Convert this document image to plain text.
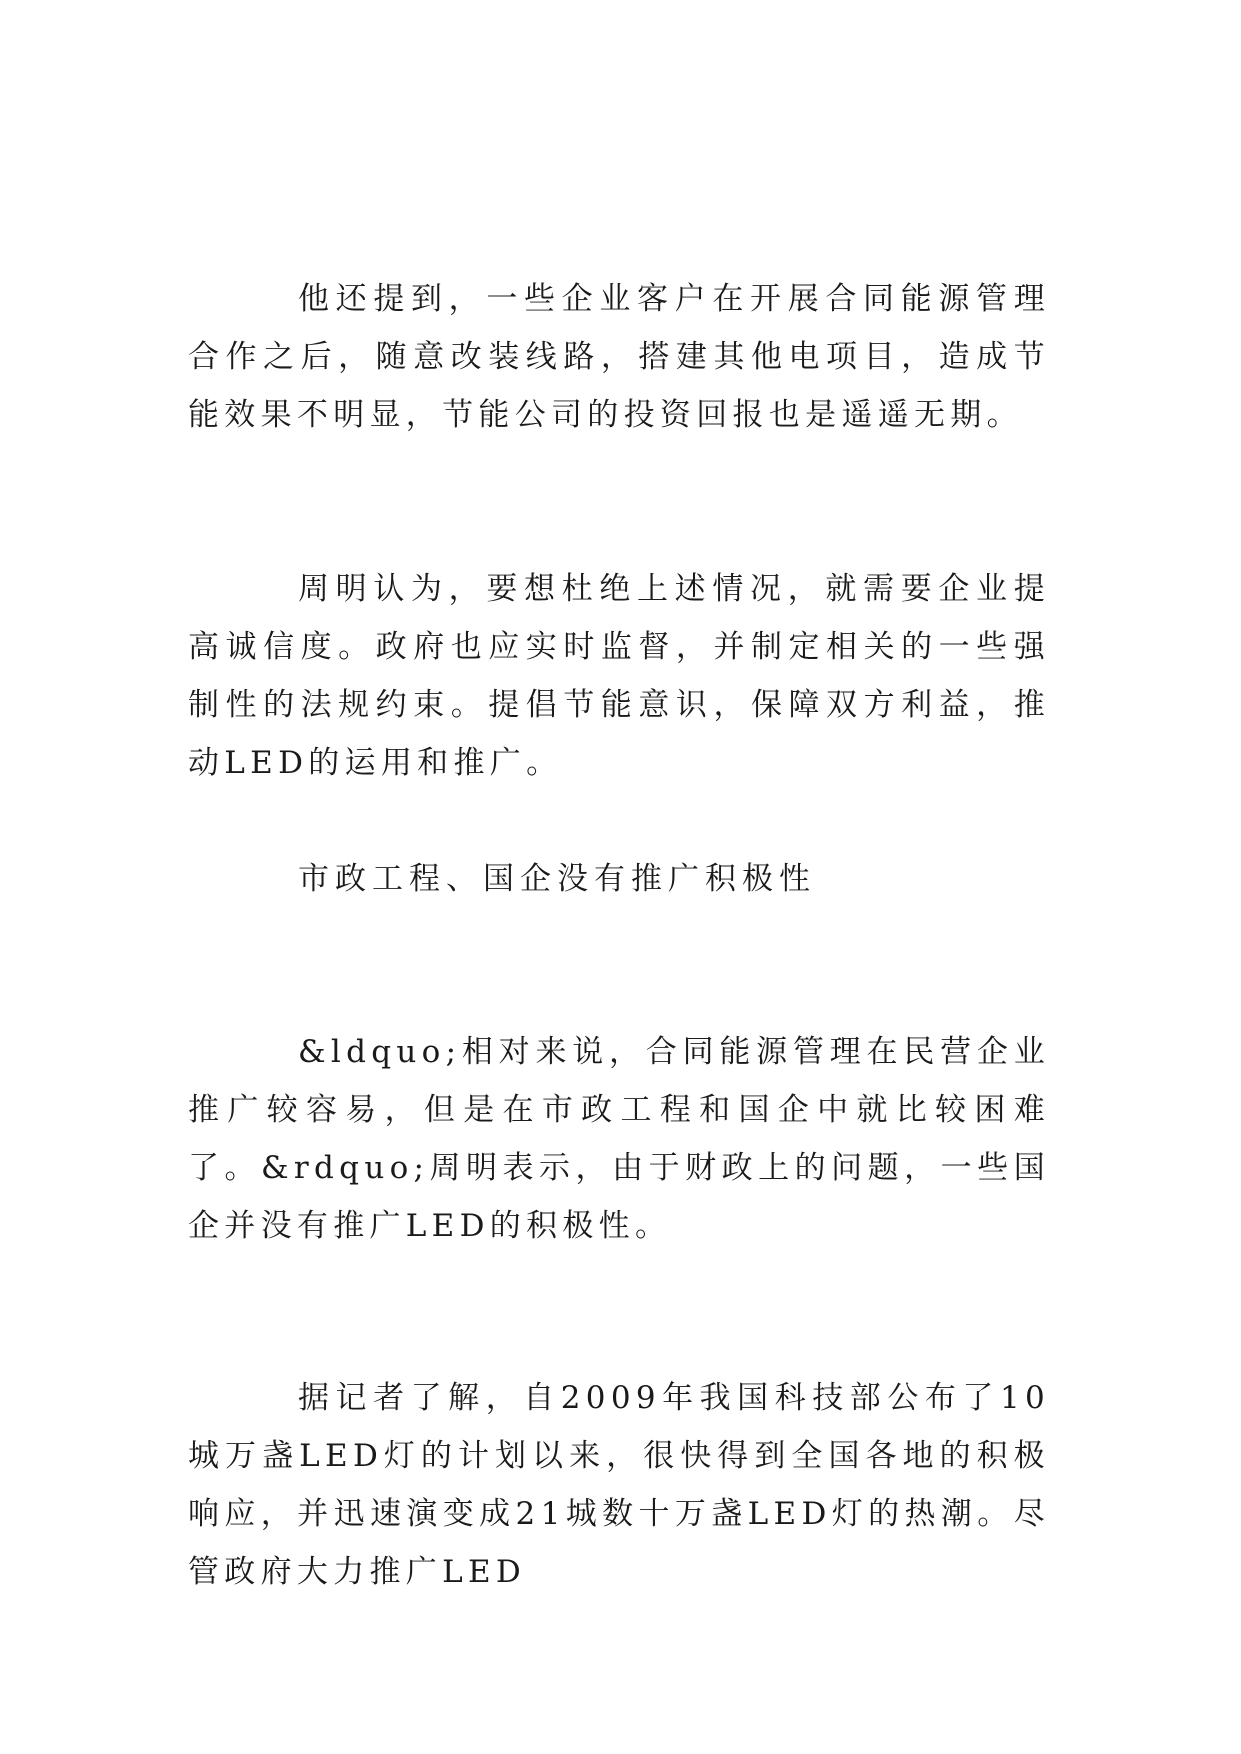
他还提到，一些企业客户在开展合同能源管理合作之后，随意改装线路，搭建其他电项目，造成节能效果不明显，节能公司的投资回报也是遥遥无期。

周明认为，要想杜绝上述情况，就需要企业提高诚信度。政府也应实时监督，并制定相关的一些强制性的法规约束。提倡节能意识，保障双方利益，推动LED的运用和推广。

市政工程、国企没有推广积极性

&ldquo;相对来说，合同能源管理在民营企业推广较容易，但是在市政工程和国企中就比较困难了。&rdquo;周明表示，由于财政上的问题，一些国企并没有推广LED的积极性。

据记者了解，自2009年我国科技部公布了10城万盏LED灯的计划以来，很快得到全国各地的积极响应，并迅速演变成21城数十万盏LED灯的热潮。尽管政府大力推广LED
